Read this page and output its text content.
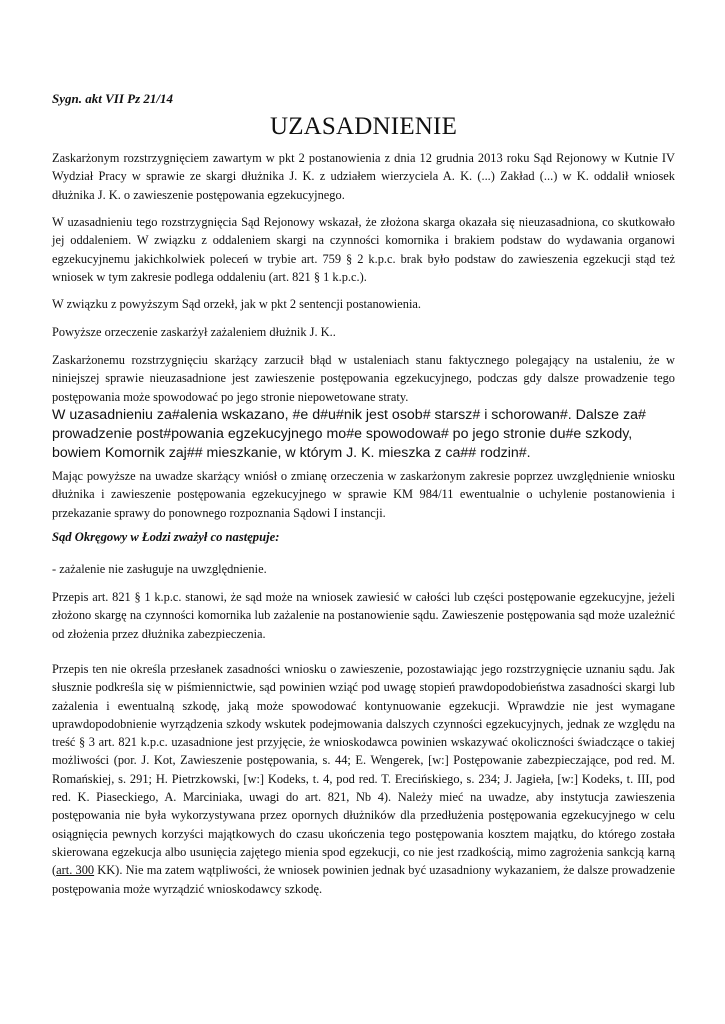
Sygn. akt VII Pz 21/14
UZASADNIENIE

Zaskarżonym rozstrzygnięciem zawartym w pkt 2 postanowienia z dnia 12 grudnia 2013 roku Sąd Rejonowy w Kutnie IV Wydział Pracy w sprawie ze skargi dłużnika J. K. z udziałem wierzyciela A. K. (...) Zakład (...) w K. oddalił wniosek dłużnika J. K. o zawieszenie postępowania egzekucyjnego.

W uzasadnieniu tego rozstrzygnięcia Sąd Rejonowy wskazał, że złożona skarga okazała się nieuzasadniona, co skutkowało jej oddaleniem. W związku z oddaleniem skargi na czynności komornika i brakiem podstaw do wydawania organowi egzekucyjnemu jakichkolwiek poleceń w trybie art. 759 § 2 k.p.c. brak było podstaw do zawieszenia egzekucji stąd też wniosek w tym zakresie podlega oddaleniu (art. 821 § 1 k.p.c.).

W związku z powyższym Sąd orzekł, jak w pkt 2 sentencji postanowienia.

Powyższe orzeczenie zaskarżył zażaleniem dłużnik J. K..

Zaskarżonemu rozstrzygnięciu skarżący zarzucił błąd w ustaleniach stanu faktycznego polegający na ustaleniu, że w niniejszej sprawie nieuzasadnione jest zawieszenie postępowania egzekucyjnego, podczas gdy dalsze prowadzenie tego postępowania może spowodować po jego stronie niepowetowane straty.

W uzasadnieniu za#alenia wskazano, #e d#u#nik jest osob# starsz# i schorowan#. Dalsze za# prowadzenie post#powania egzekucyjnego mo#e spowodowa# po jego stronie du#e szkody, bowiem Komornik zaj## mieszkanie, w którym J. K. mieszka z ca## rodzin#.

Mając powyższe na uwadze skarżący wniósł o zmianę orzeczenia w zaskarżonym zakresie poprzez uwzględnienie wniosku dłużnika i zawieszenie postępowania egzekucyjnego w sprawie KM 984/11 ewentualnie o uchylenie postanowienia i przekazanie sprawy do ponownego rozpoznania Sądowi I instancji.

Sąd Okręgowy w Łodzi zważył co następuje:

- zażalenie nie zasługuje na uwzględnienie.

Przepis art. 821 § 1 k.p.c. stanowi, że sąd może na wniosek zawiesić w całości lub części postępowanie egzekucyjne, jeżeli złożono skargę na czynności komornika lub zażalenie na postanowienie sądu. Zawieszenie postępowania sąd może uzależnić od złożenia przez dłużnika zabezpieczenia.

Przepis ten nie określa przesłanek zasadności wniosku o zawieszenie, pozostawiając jego rozstrzygnięcie uznaniu sądu. Jak słusznie podkreśla się w piśmiennictwie, sąd powinien wziąć pod uwagę stopień prawdopodobieństwa zasadności skargi lub zażalenia i ewentualną szkodę, jaką może spowodować kontynuowanie egzekucji. Wprawdzie nie jest wymagane uprawdopodobnienie wyrządzenia szkody wskutek podejmowania dalszych czynności egzekucyjnych, jednak ze względu na treść § 3 art. 821 k.p.c. uzasadnione jest przyjęcie, że wnioskodawca powinien wskazywać okoliczności świadczące o takiej możliwości (por. J. Kot, Zawieszenie postępowania, s. 44; E. Wengerek, [w:] Postępowanie zabezpieczające, pod red. M. Romańskiej, s. 291; H. Pietrzkowski, [w:] Kodeks, t. 4, pod red. T. Erecińskiego, s. 234; J. Jagieła, [w:] Kodeks, t. III, pod red. K. Piaseckiego, A. Marciniaka, uwagi do art. 821, Nb 4). Należy mieć na uwadze, aby instytucja zawieszenia postępowania nie była wykorzystywana przez opornych dłużników dla przedłużenia postępowania egzekucyjnego w celu osiągnięcia pewnych korzyści majątkowych do czasu ukończenia tego postępowania kosztem majątku, do którego została skierowana egzekucja albo usunięcia zajętego mienia spod egzekucji, co nie jest rzadkością, mimo zagrożenia sankcją karną (art. 300 KK). Nie ma zatem wątpliwości, że wniosek powinien jednak być uzasadniony wykazaniem, że dalsze prowadzenie postępowania może wyrządzić wnioskodawcy szkodę.
